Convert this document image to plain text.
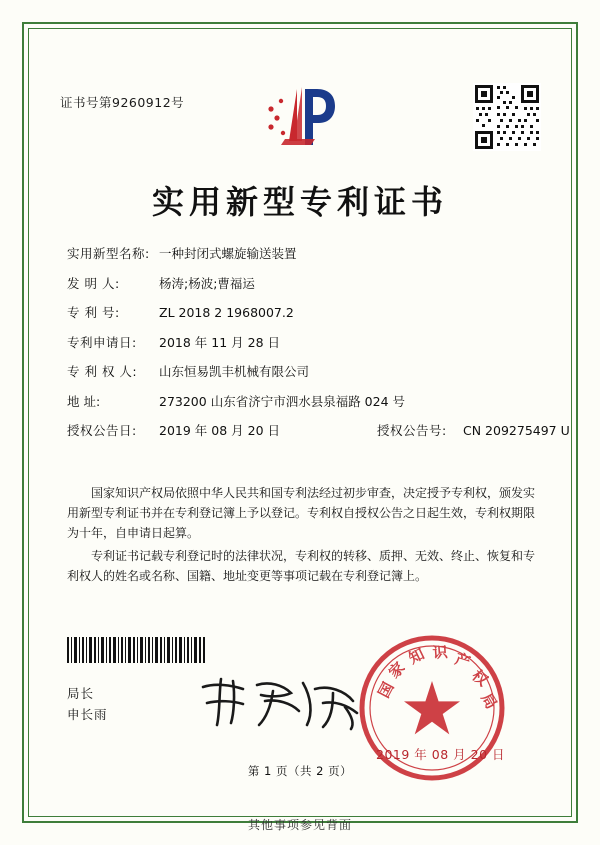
证书号第9260912号
实用新型专利证书
实用新型名称: 一种封闭式螺旋输送装置
发 明 人:	杨涛;杨波;曹福运
专 利 号:	ZL 2018 2 1968007.2
专利申请日:	2018 年 11 月 28 日
专 利 权 人:	山东恒易凯丰机械有限公司
地 址:	273200 山东省济宁市泗水县泉福路 024 号
授权公告日:	2019 年 08 月 20 日	授权公告号:	CN 209275497 U

国家知识产权局依照中华人民共和国专利法经过初步审查，决定授予专利权，颁发实用新型专利证书并在专利登记簿上予以登记。专利权自授权公告之日起生效，专利权期限为十年，自申请日起算。

专利证书记载专利登记时的法律状况，专利权的转移、质押、无效、终止、恢复和专利权人的姓名或名称、国籍、地址变更等事项记载在专利登记簿上。

局长
申长雨
国
家
知 识 产
权
局
2019 年 08 月 20 日
第 1 页（共 2 页）
其他事项参见背面
